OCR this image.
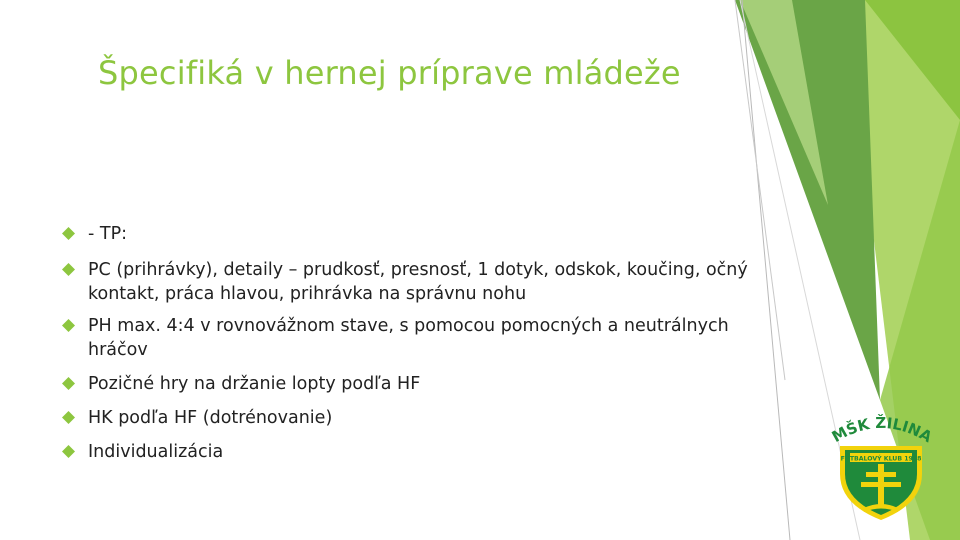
Špecifiká v hernej príprave mládeže
- TP:
PC (prihrávky), detaily – prudkosť, presnosť, 1 dotyk, odskok, koučing, očný kontakt, práca hlavou, prihrávka na správnu nohu
PH max. 4:4 v rovnovážnom stave, s pomocou pomocných a neutrálnych hráčov
Pozičné hry na držanie lopty podľa HF
HK podľa HF (dotrénovanie)
Individualizácia
MŠK ŽILINA
FUTBALOVÝ KLUB 1908
